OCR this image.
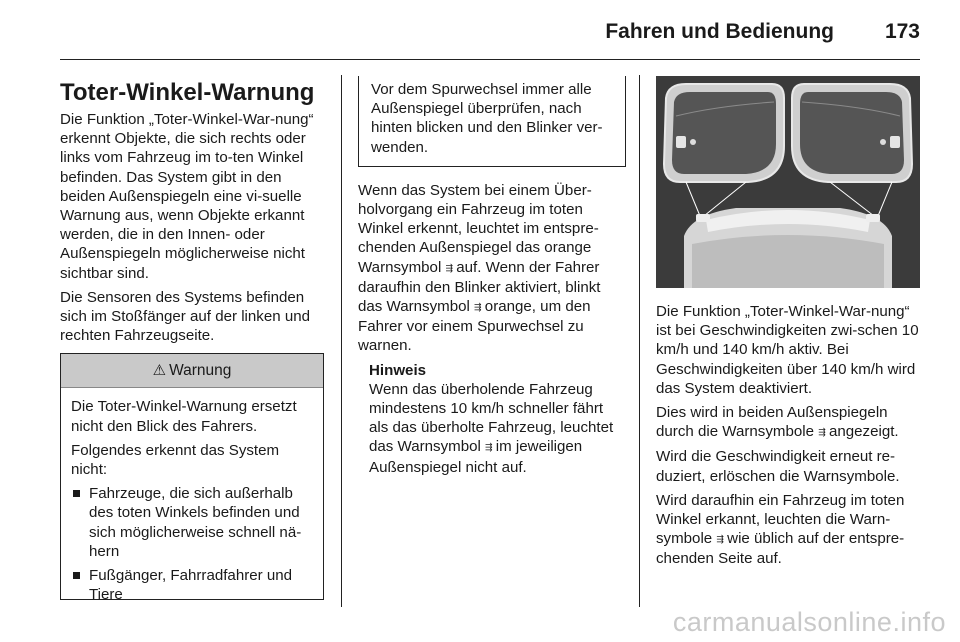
Fahren und Bedienung 173
Toter-Winkel-Warnung

Die Funktion „Toter-Winkel-War-nung“ erkennt Objekte, die sich rechts oder links vom Fahrzeug im to-ten Winkel befinden. Das System gibt in den beiden Außenspiegeln eine vi-suelle Warnung aus, wenn Objekte erkannt werden, die in den Innen- oder Außenspiegeln möglicherweise nicht sichtbar sind.

Die Sensoren des Systems befinden sich im Stoßfänger auf der linken und rechten Fahrzeugseite.

⚠ Warnung

Die Toter-Winkel-Warnung ersetzt nicht den Blick des Fahrers.

Folgendes erkennt das System nicht:

Fahrzeuge, die sich außerhalb des toten Winkels befinden und sich möglicherweise schnell nä-hern
Fußgänger, Fahrradfahrer und Tiere
Vor dem Spurwechsel immer alle Außenspiegel überprüfen, nach hinten blicken und den Blinker ver-wenden.

Wenn das System bei einem Über-holvorgang ein Fahrzeug im toten Winkel erkennt, leuchtet im entspre-chenden Außenspiegel das orange Warnsymbol ⇶ auf. Wenn der Fahrer daraufhin den Blinker aktiviert, blinkt das Warnsymbol ⇶ orange, um den Fahrer vor einem Spurwechsel zu warnen.

Hinweis
Wenn das überholende Fahrzeug mindestens 10 km/h schneller fährt als das überholte Fahrzeug, leuchtet das Warnsymbol ⇶ im jeweiligen Außenspiegel nicht auf.

Die Funktion „Toter-Winkel-War-nung“ ist bei Geschwindigkeiten zwi-schen 10 km/h und 140 km/h aktiv. Bei Geschwindigkeiten über 140 km/h wird das System deaktiviert.

Dies wird in beiden Außenspiegeln durch die Warnsymbole ⇶ angezeigt.

Wird die Geschwindigkeit erneut re-duziert, erlöschen die Warnsymbole.

Wird daraufhin ein Fahrzeug im toten Winkel erkannt, leuchten die Warn-symbole ⇶ wie üblich auf der entspre-chenden Seite auf.

carmanualsonline.info
